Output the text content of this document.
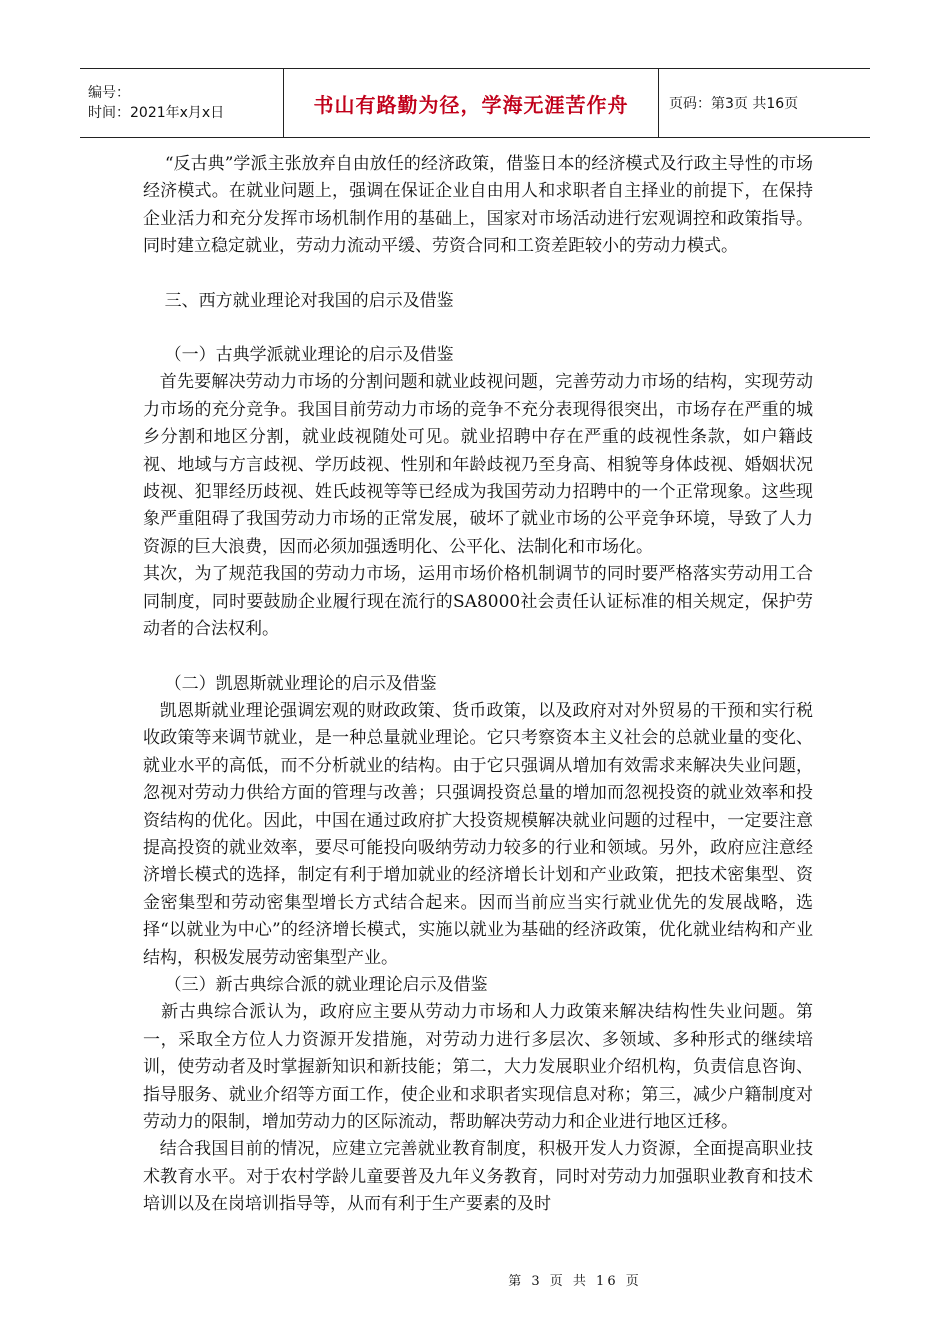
编号：
时间：2021年x月x日	书山有路勤为径，学海无涯苦作舟	页码：第3页 共16页

“反古典”学派主张放弃自由放任的经济政策，借鉴日本的经济模式及行政主导性的市场经济模式。在就业问题上，强调在保证企业自由用人和求职者自主择业的前提下，在保持企业活力和充分发挥市场机制作用的基础上，国家对市场活动进行宏观调控和政策指导。同时建立稳定就业，劳动力流动平缓、劳资合同和工资差距较小的劳动力模式。

三、西方就业理论对我国的启示及借鉴

（一）古典学派就业理论的启示及借鉴

首先要解决劳动力市场的分割问题和就业歧视问题，完善劳动力市场的结构，实现劳动力市场的充分竞争。我国目前劳动力市场的竞争不充分表现得很突出，市场存在严重的城乡分割和地区分割，就业歧视随处可见。就业招聘中存在严重的歧视性条款，如户籍歧视、地域与方言歧视、学历歧视、性别和年龄歧视乃至身高、相貌等身体歧视、婚姻状况歧视、犯罪经历歧视、姓氏歧视等等已经成为我国劳动力招聘中的一个正常现象。这些现象严重阻碍了我国劳动力市场的正常发展，破坏了就业市场的公平竞争环境，导致了人力资源的巨大浪费，因而必须加强透明化、公平化、法制化和市场化。

其次，为了规范我国的劳动力市场，运用市场价格机制调节的同时要严格落实劳动用工合同制度，同时要鼓励企业履行现在流行的SA8000社会责任认证标准的相关规定，保护劳动者的合法权利。

（二）凯恩斯就业理论的启示及借鉴

凯恩斯就业理论强调宏观的财政政策、货币政策，以及政府对对外贸易的干预和实行税收政策等来调节就业，是一种总量就业理论。它只考察资本主义社会的总就业量的变化、就业水平的高低，而不分析就业的结构。由于它只强调从增加有效需求来解决失业问题，忽视对劳动力供给方面的管理与改善；只强调投资总量的增加而忽视投资的就业效率和投资结构的优化。因此，中国在通过政府扩大投资规模解决就业问题的过程中，一定要注意提高投资的就业效率，要尽可能投向吸纳劳动力较多的行业和领域。另外，政府应注意经济增长模式的选择，制定有利于增加就业的经济增长计划和产业政策，把技术密集型、资金密集型和劳动密集型增长方式结合起来。因而当前应当实行就业优先的发展战略，选择“以就业为中心”的经济增长模式，实施以就业为基础的经济政策，优化就业结构和产业结构，积极发展劳动密集型产业。

（三）新古典综合派的就业理论启示及借鉴

新古典综合派认为，政府应主要从劳动力市场和人力政策来解决结构性失业问题。第一，采取全方位人力资源开发措施，对劳动力进行多层次、多领域、多种形式的继续培训，使劳动者及时掌握新知识和新技能；第二，大力发展职业介绍机构，负责信息咨询、指导服务、就业介绍等方面工作，使企业和求职者实现信息对称；第三，减少户籍制度对劳动力的限制，增加劳动力的区际流动，帮助解决劳动力和企业进行地区迁移。

结合我国目前的情况，应建立完善就业教育制度，积极开发人力资源，全面提高职业技术教育水平。对于农村学龄儿童要普及九年义务教育，同时对劳动力加强职业教育和技术培训以及在岗培训指导等，从而有利于生产要素的及时

第 3 页 共 16 页
